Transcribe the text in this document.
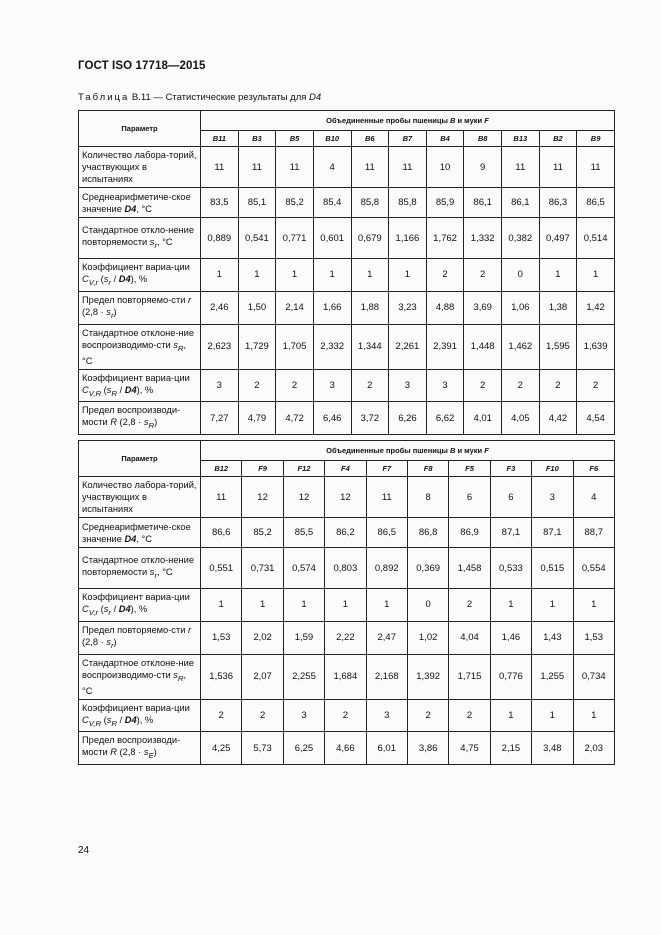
ГОСТ ISO 17718—2015
Таблица В.11 — Статистические результаты для D4
Параметр	Объединенные пробы пшеницы B и муки F										
	B11	B3	B5	B10	B6	B7	B4	B8	B13	B2	B9
Количество лабора-торий, участвующих в испытаниях	11	11	11	4	11	11	10	9	11	11	11
Среднеарифметиче-ское значение D4, °С	83,5	85,1	85,2	85,4	85,8	85,8	85,9	86,1	86,1	86,3	86,5
Стандартное откло-нение повторяемости $s_r$, °С	0,889	0,541	0,771	0,601	0,679	1,166	1,762	1,332	0,382	0,497	0,514
Коэффициент вариа-ции $C_{V,r}$ $(s_r / D4)$, %	1	1	1	1	1	1	2	2	0	1	1
Предел повторяемо-сти r $(2,8 \cdot s_r)$	2,46	1,50	2,14	1,66	1,88	3,23	4,88	3,69	1,06	1,38	1,42
Стандартное отклоне-ние воспроизводимо-сти $s_R$, °С	2,623	1,729	1,705	2,332	1,344	2,261	2,391	1,448	1,462	1,595	1,639
Коэффициент вариа-ции $C_{V,R}$ $(s_R / D4)$, %	3	2	2	3	2	3	3	2	2	2	2
Предел воспроизводи-мости R $(2,8 \cdot s_R)$	7,27	4,79	4,72	6,46	3,72	6,26	6,62	4,01	4,05	4,42	4,54
Параметр	Объединенные пробы пшеницы B и муки F									
	B12	F9	F12	F4	F7	F8	F5	F3	F10	F6
Количество лабора-торий, участвующих в испытаниях	11	12	12	12	11	8	6	6	3	4
Среднеарифметиче-ское значение D4, °С	86,6	85,2	85,5	86,2	86,5	86,8	86,9	87,1	87,1	88,7
Стандартное откло-нение повторяемости $s_r$, °С	0,551	0,731	0,574	0,803	0,892	0,369	1,458	0,533	0,515	0,554
Коэффициент вариа-ции $C_{V,r}$ $(s_r / D4)$, %	1	1	1	1	1	0	2	1	1	1
Предел повторяемо-сти r $(2,8 \cdot s_r)$	1,53	2,02	1,59	2,22	2,47	1,02	4,04	1,46	1,43	1,53
Стандартное отклоне-ние воспроизводимо-сти $s_R$, °С	1,536	2,07	2,255	1,684	2,168	1,392	1,715	0,776	1,255	0,734
Коэффициент вариа-ции $C_{V,R}$ $(s_R / D4)$, %	2	2	3	2	3	2	2	1	1	1
Предел воспроизводи-мости R $(2,8 \cdot s_E)$	4,25	5,73	6,25	4,66	6,01	3,86	4,75	2,15	3,48	2,03
24
